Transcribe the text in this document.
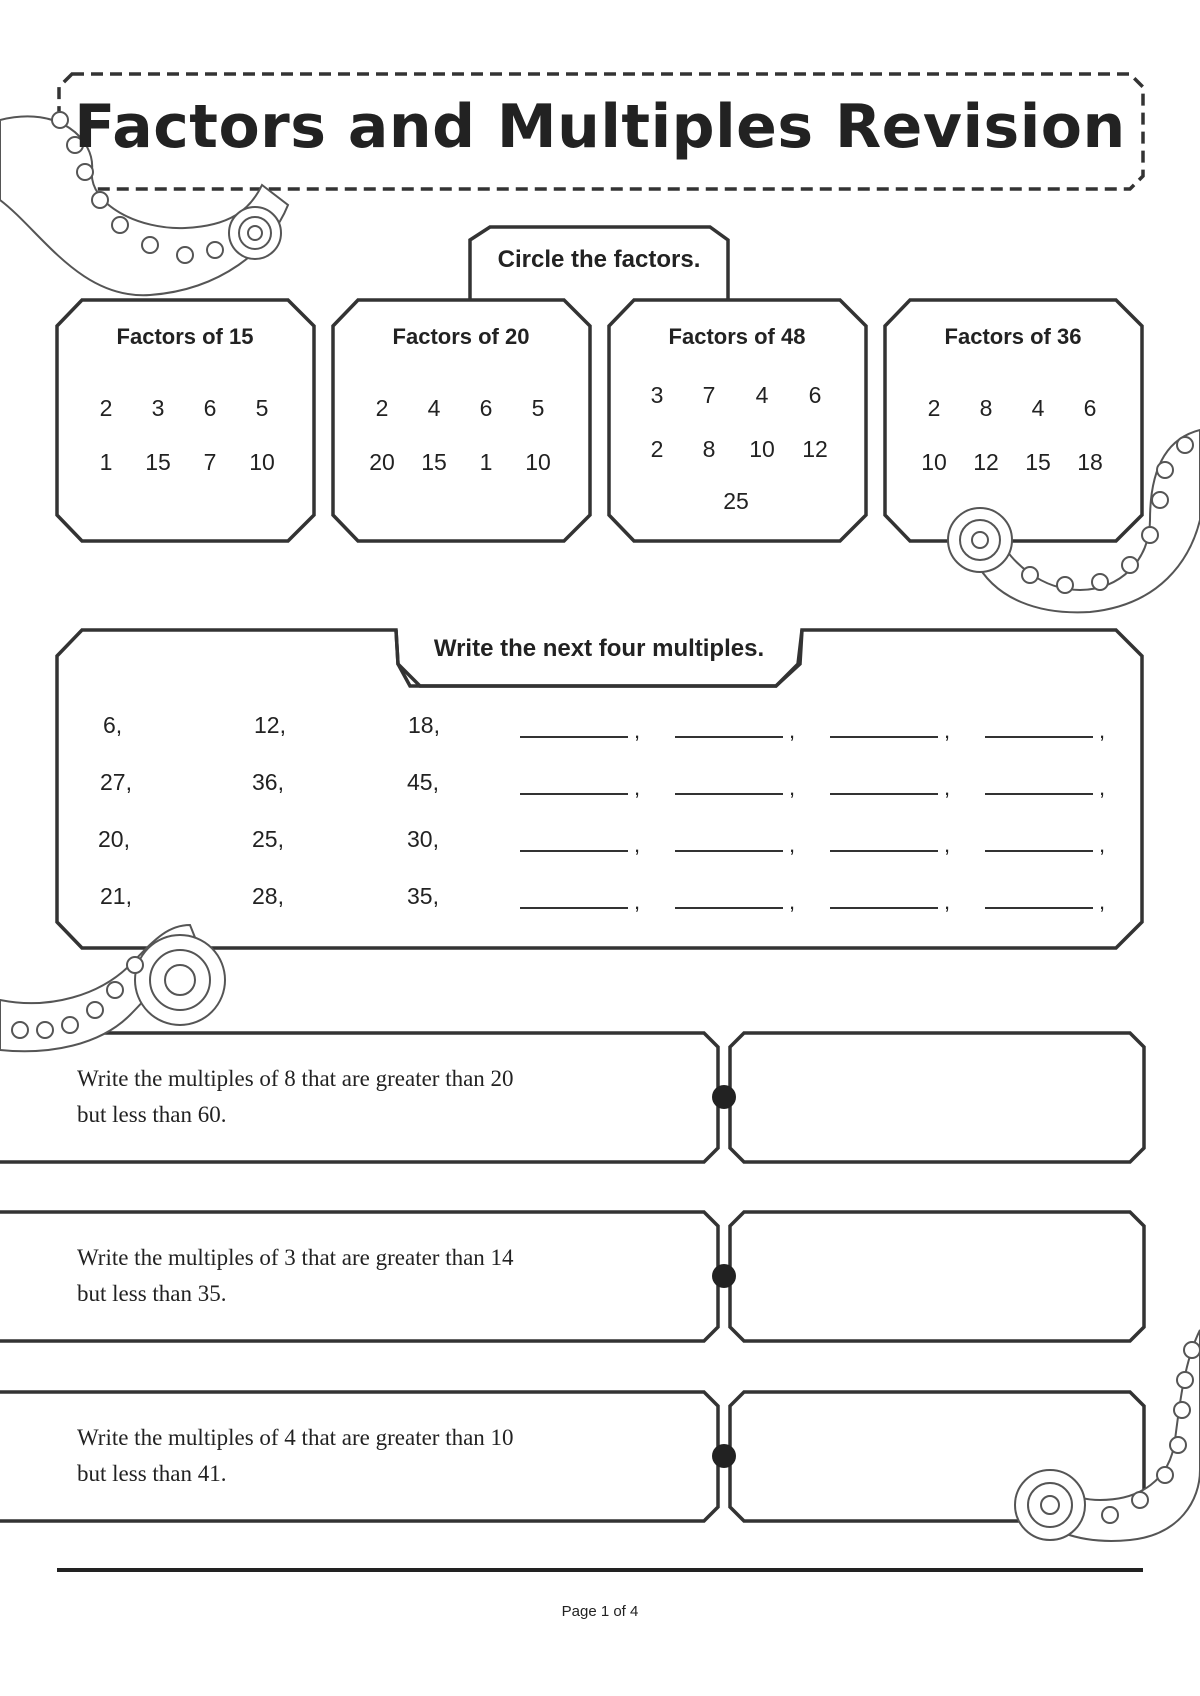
Factors and Multiples Revision
Circle the factors.
Factors of 15
2	3	6	5
1	15	7	10
Factors of 20
2	4	6	5
20	15	1	10
Factors of 48
3	7	4	6
2	8	10	12
25
Factors of 36
2	8	4	6
10	12	15	18
Write the next four multiples.
6,	12,	18,	,	,	,	,
27,	36,	45,	,	,	,	,
20,	25,	30,	,	,	,	,
21,	28,	35,	,	,	,	,
Write the multiples of 8 that are greater than 20
but less than 60.
Write the multiples of 3 that are greater than 14
but less than 35.
Write the multiples of 4 that are greater than 10
but less than 41.
Page 1 of 4
